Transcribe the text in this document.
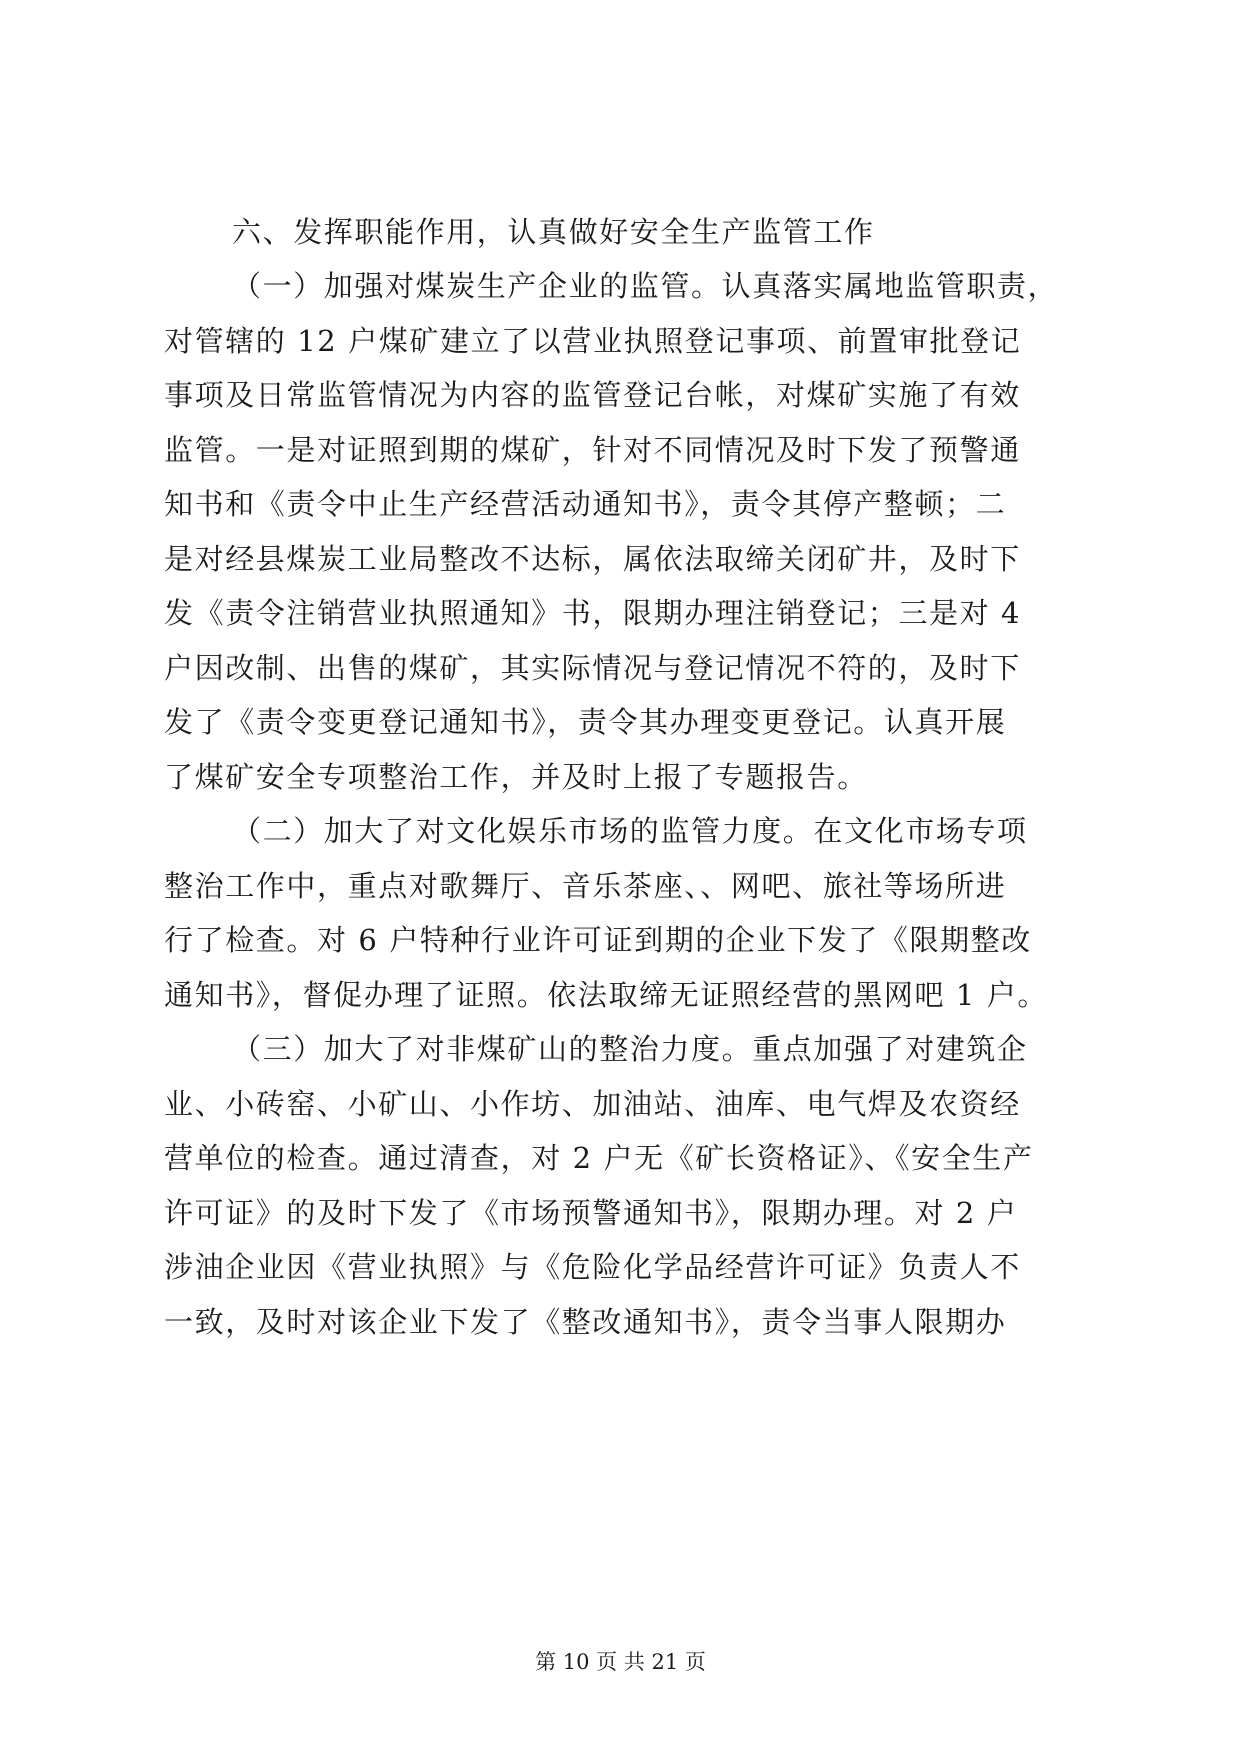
六、发挥职能作用，认真做好安全生产监管工作
（一）加强对煤炭生产企业的监管。认真落实属地监管职责，
对管辖的 12 户煤矿建立了以营业执照登记事项、前置审批登记
事项及日常监管情况为内容的监管登记台帐，对煤矿实施了有效
监管。一是对证照到期的煤矿，针对不同情况及时下发了预警通
知书和《责令中止生产经营活动通知书》，责令其停产整顿；二
是对经县煤炭工业局整改不达标，属依法取缔关闭矿井，及时下
发《责令注销营业执照通知》书，限期办理注销登记；三是对 4
户因改制、出售的煤矿，其实际情况与登记情况不符的，及时下
发了《责令变更登记通知书》，责令其办理变更登记。认真开展
了煤矿安全专项整治工作，并及时上报了专题报告。
（二）加大了对文化娱乐市场的监管力度。在文化市场专项
整治工作中，重点对歌舞厅、音乐茶座、、网吧、旅社等场所进
行了检查。对 6 户特种行业许可证到期的企业下发了《限期整改
通知书》，督促办理了证照。依法取缔无证照经营的黑网吧 1 户。
（三）加大了对非煤矿山的整治力度。重点加强了对建筑企
业、小砖窑、小矿山、小作坊、加油站、油库、电气焊及农资经
营单位的检查。通过清查，对 2 户无《矿长资格证》、《安全生产
许可证》的及时下发了《市场预警通知书》，限期办理。对 2 户
涉油企业因《营业执照》与《危险化学品经营许可证》负责人不
一致，及时对该企业下发了《整改通知书》，责令当事人限期办
第 10 页 共 21 页
